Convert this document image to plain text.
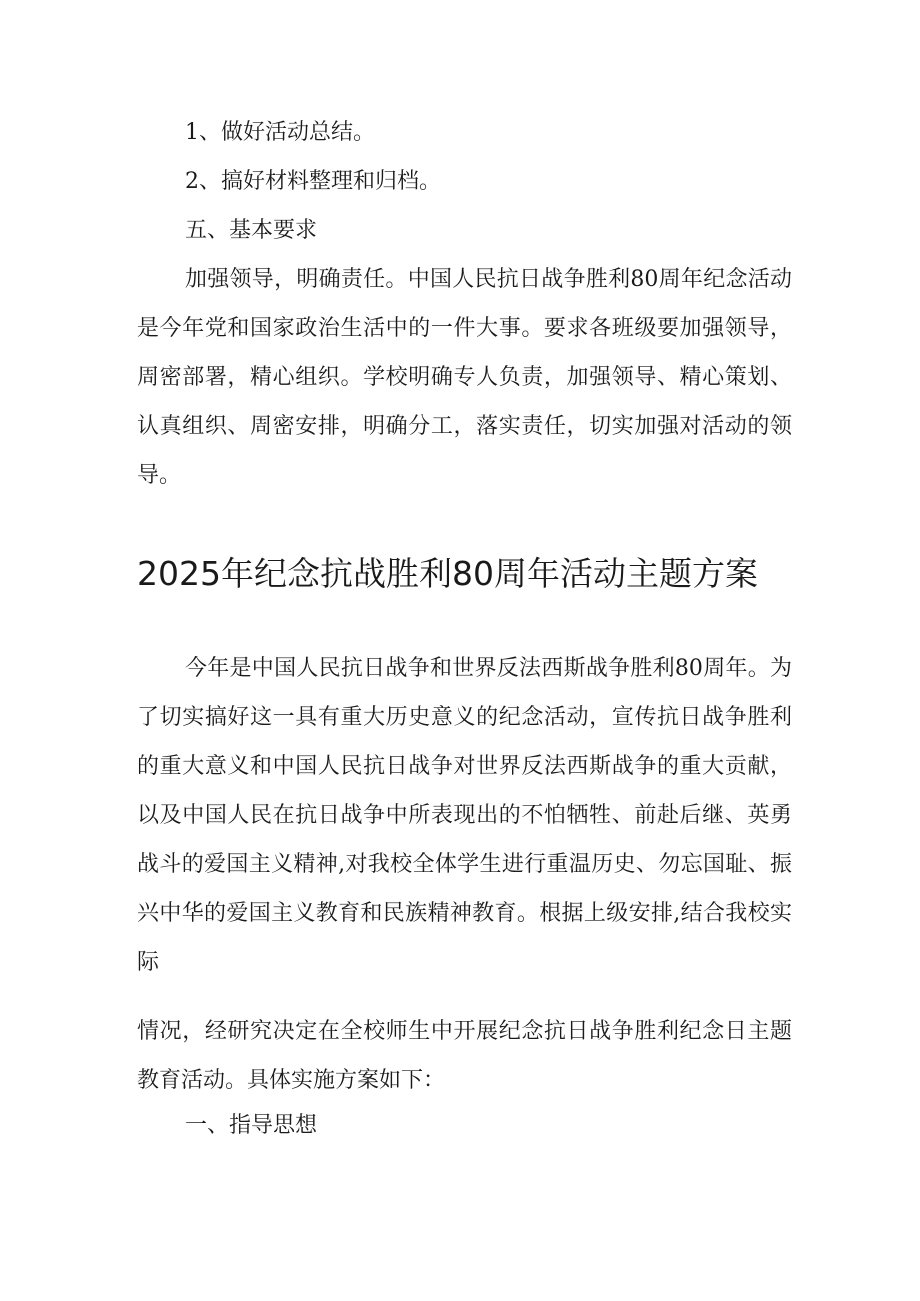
1、做好活动总结。

2、搞好材料整理和归档。

五、基本要求

加强领导，明确责任。中国人民抗日战争胜利80周年纪念活动是今年党和国家政治生活中的一件大事。要求各班级要加强领导，周密部署，精心组织。学校明确专人负责，加强领导、精心策划、认真组织、周密安排，明确分工，落实责任，切实加强对活动的领导。

2025年纪念抗战胜利80周年活动主题方案

今年是中国人民抗日战争和世界反法西斯战争胜利80周年。为了切实搞好这一具有重大历史意义的纪念活动，宣传抗日战争胜利的重大意义和中国人民抗日战争对世界反法西斯战争的重大贡献，以及中国人民在抗日战争中所表现出的不怕牺牲、前赴后继、英勇战斗的爱国主义精神,对我校全体学生进行重温历史、勿忘国耻、振兴中华的爱国主义教育和民族精神教育。根据上级安排,结合我校实际

情况，经研究决定在全校师生中开展纪念抗日战争胜利纪念日主题教育活动。具体实施方案如下：

一、指导思想
